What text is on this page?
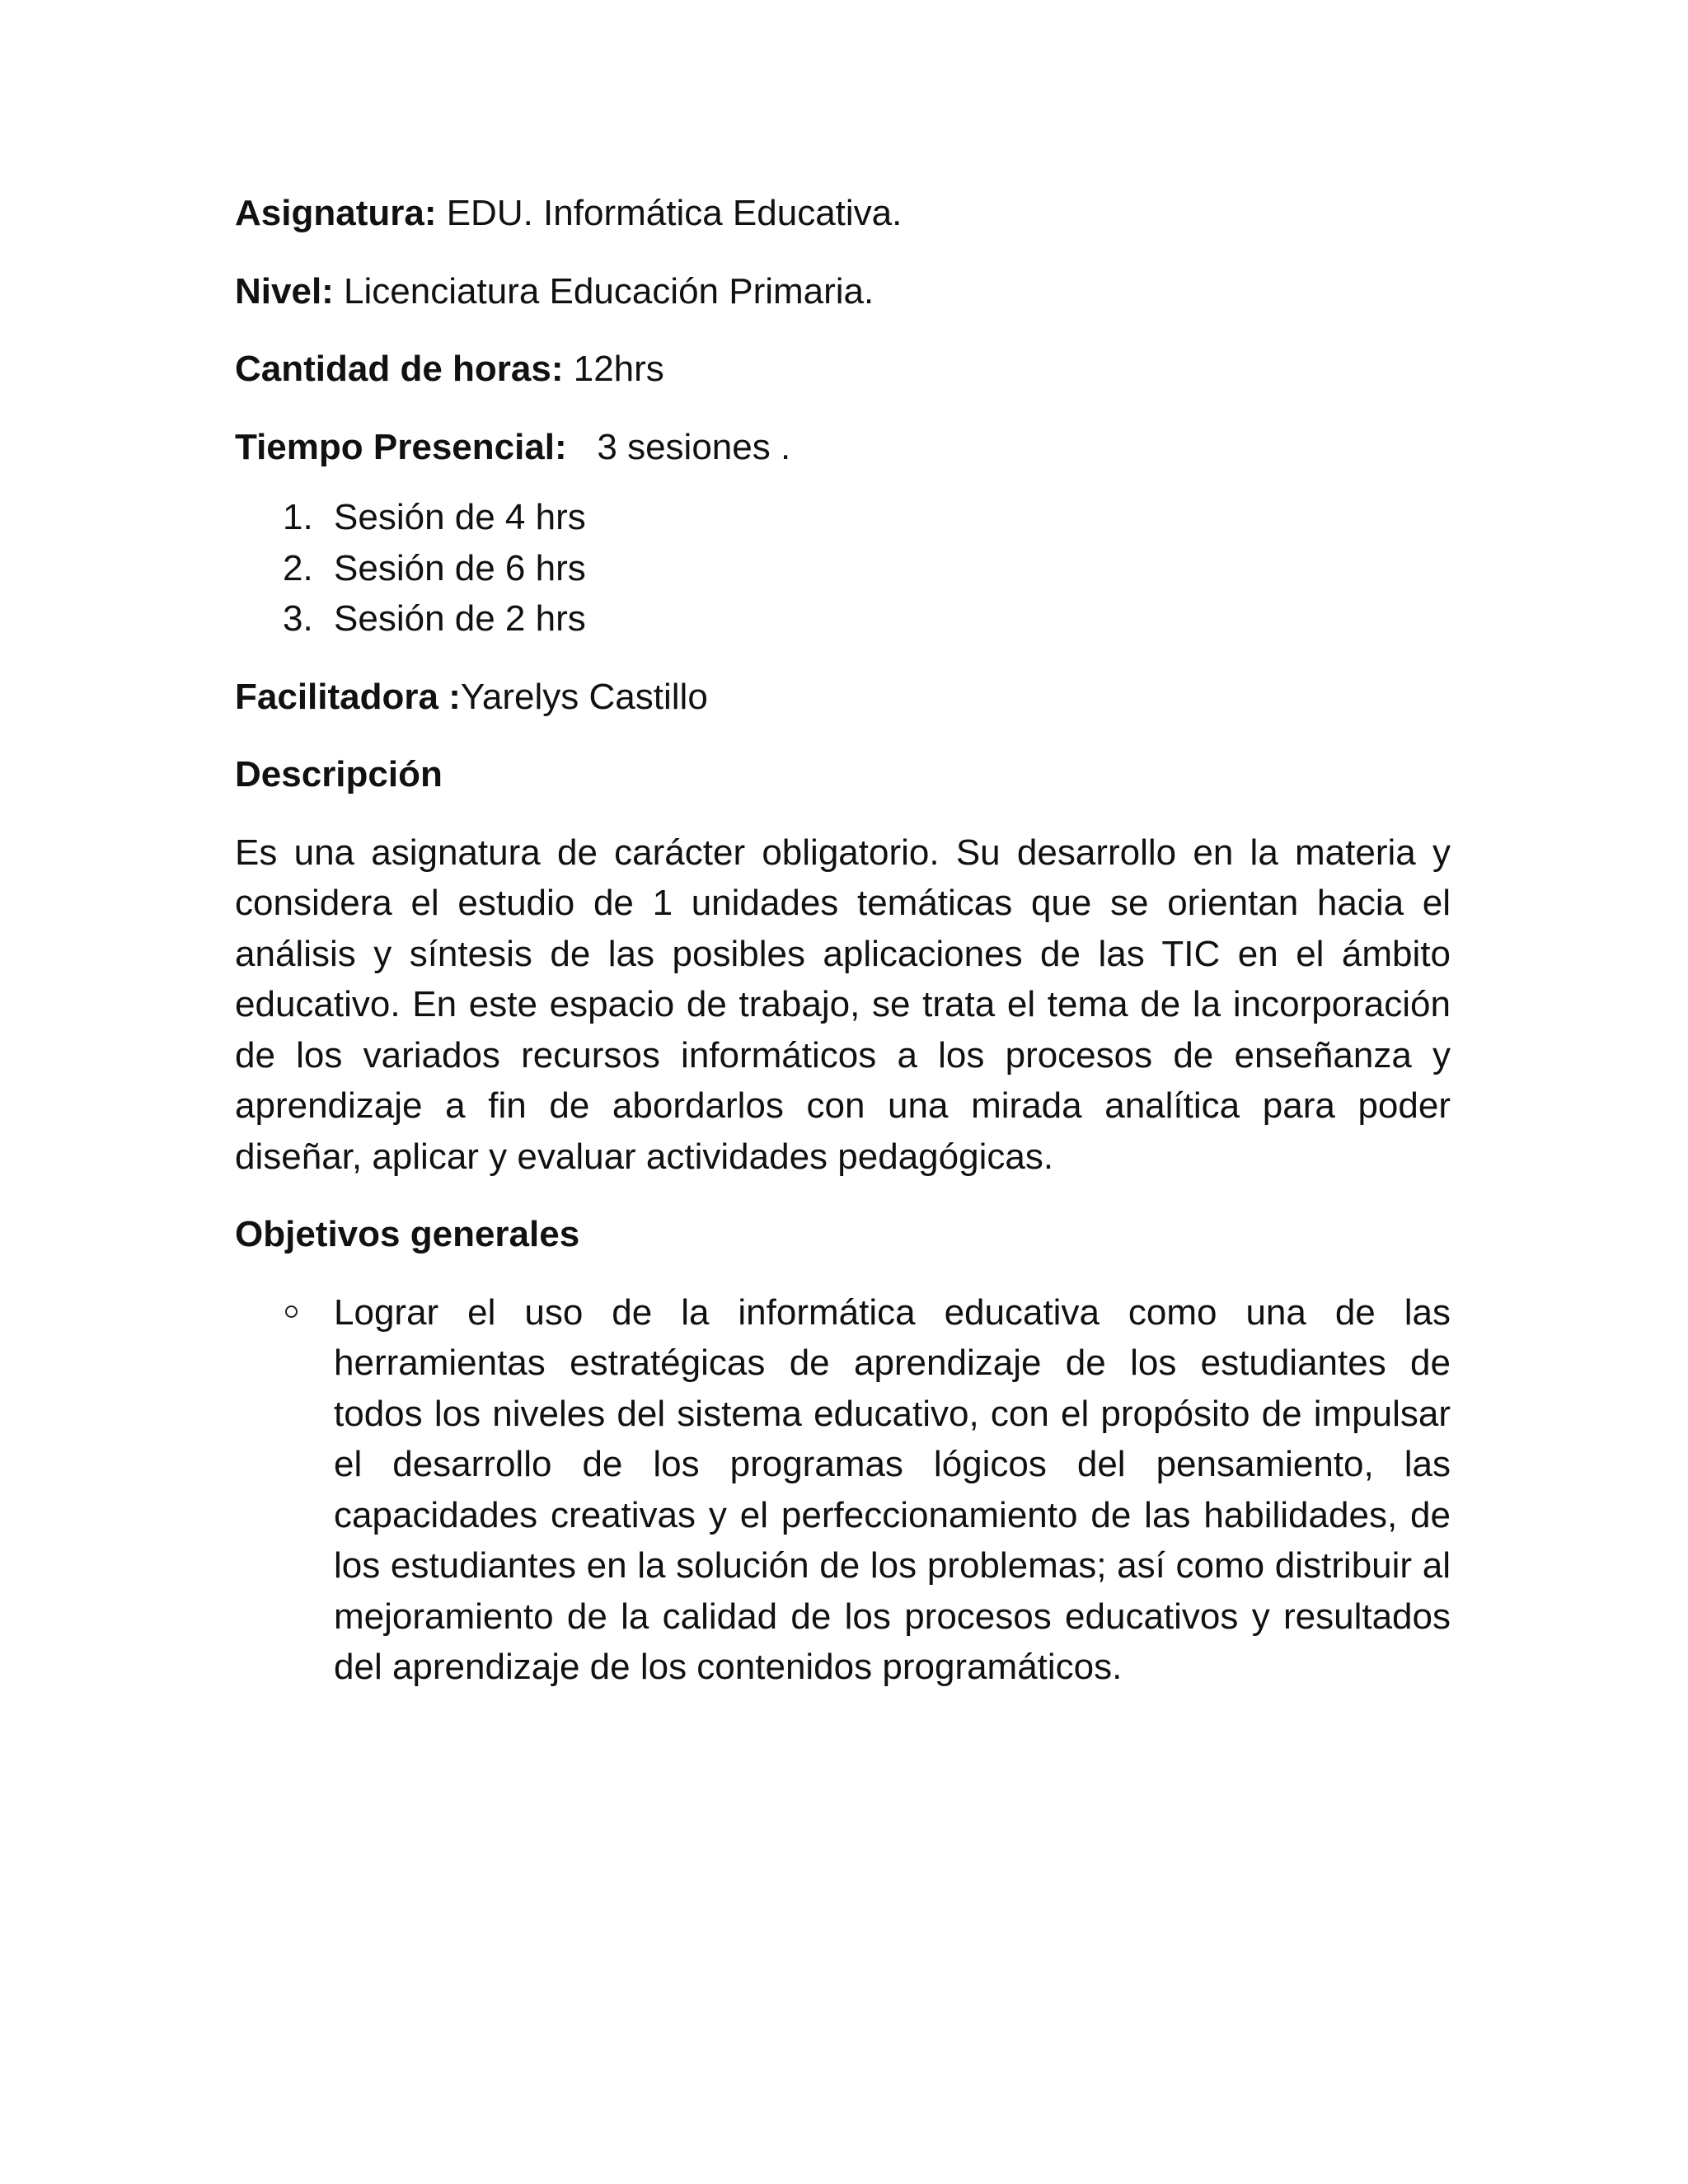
Asignatura: EDU. Informática Educativa.

Nivel: Licenciatura Educación Primaria.

Cantidad de horas: 12hrs

Tiempo Presencial: 3 sesiones .

1. Sesión de 4 hrs
2. Sesión de 6 hrs
3. Sesión de 2 hrs

Facilitadora :Yarelys Castillo

Descripción

Es una asignatura de carácter obligatorio. Su desarrollo en la materia y considera el estudio de 1 unidades temáticas que se orientan hacia el análisis y síntesis de las posibles aplicaciones de las TIC en el ámbito educativo. En este espacio de trabajo, se trata el tema de la incorporación de los variados recursos informáticos a los procesos de enseñanza y aprendizaje a fin de abordarlos con una mirada analítica para poder diseñar, aplicar y evaluar actividades pedagógicas.

Objetivos generales

Lograr el uso de la informática educativa como una de las herramientas estratégicas de aprendizaje de los estudiantes de todos los niveles del sistema educativo, con el propósito de impulsar el desarrollo de los programas lógicos del pensamiento, las capacidades creativas y el perfeccionamiento de las habilidades, de los estudiantes en la solución de los problemas; así como distribuir al mejoramiento de la calidad de los procesos educativos y resultados del aprendizaje de los contenidos programáticos.
